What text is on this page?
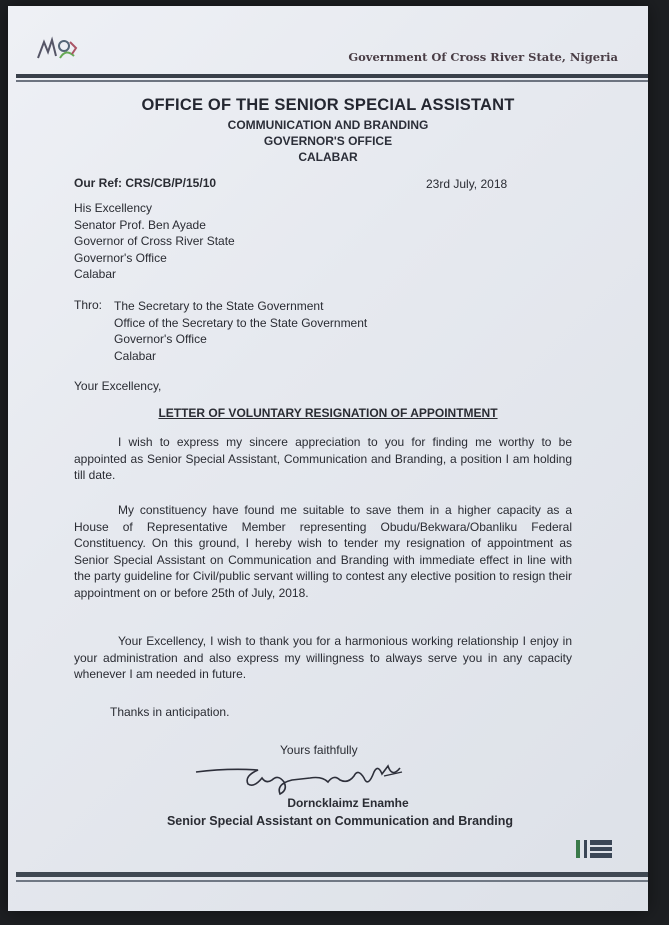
Government Of Cross River State, Nigeria
OFFICE OF THE SENIOR SPECIAL ASSISTANT
COMMUNICATION AND BRANDING
GOVERNOR'S OFFICE
CALABAR
Our Ref: CRS/CB/P/15/10	23rd July, 2018
His Excellency
Senator Prof. Ben Ayade
Governor of Cross River State
Governor's Office
Calabar
Thro: The Secretary to the State Government
Office of the Secretary to the State Government
Governor's Office
Calabar
Your Excellency,
LETTER OF VOLUNTARY RESIGNATION OF APPOINTMENT
I wish to express my sincere appreciation to you for finding me worthy to be appointed as Senior Special Assistant, Communication and Branding, a position I am holding till date.
My constituency have found me suitable to save them in a higher capacity as a House of Representative Member representing Obudu/Bekwara/Obanliku Federal Constituency. On this ground, I hereby wish to tender my resignation of appointment as Senior Special Assistant on Communication and Branding with immediate effect in line with the party guideline for Civil/public servant willing to contest any elective position to resign their appointment on or before 25th of July, 2018.
Your Excellency, I wish to thank you for a harmonious working relationship I enjoy in your administration and also express my willingness to always serve you in any capacity whenever I am needed in future.
Thanks in anticipation.
Yours faithfully
Dorncklaimz Enamhe
Senior Special Assistant on Communication and Branding
